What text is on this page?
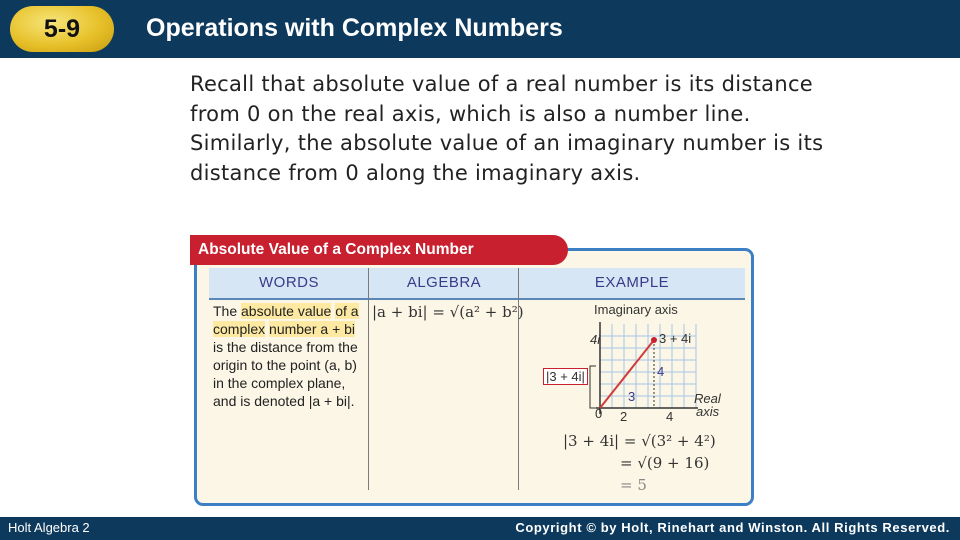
5-9	Operations with Complex Numbers

Recall that absolute value of a real number is its distance from 0 on the real axis, which is also a number line. Similarly, the absolute value of an imaginary number is its distance from 0 along the imaginary axis.

Absolute Value of a Complex Number
WORDS	ALGEBRA	EXAMPLE
The absolute value of a complex number a + bi is the distance from the origin to the point (a, b) in the complex plane, and is denoted |a + bi|.
|a + bi| = √(a² + b²)	Imaginary axis
4i	3 + 4i
|3 + 4i|	4
3
0 2	4
Real
axis
|3 + 4i| = √(3² + 4²)
= √(9 + 16)
= 5
Holt Algebra 2	Copyright © by Holt, Rinehart and Winston. All Rights Reserved.
